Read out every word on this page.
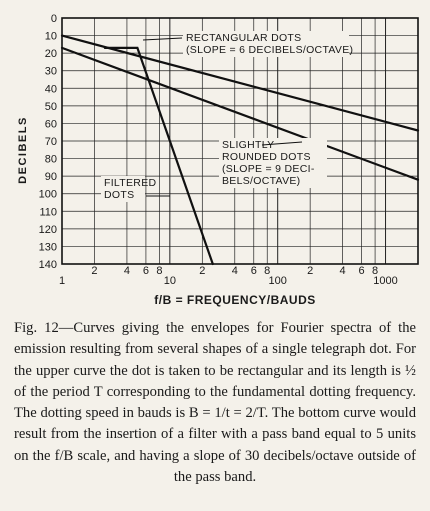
RECTANGULAR DOTS
(SLOPE = 6 DECIBELS/OCTAVE)
SLIGHTLY
ROUNDED DOTS
(SLOPE = 9 DECI-
BELS/OCTAVE)
FILTERED
DOTS
0
10
20
30
40
50
60
70
80
90
100
110
120
130
140
1
2 4 6 8
10
2 4 6 8
100
2 4 6 8
1000
DECIBELS
f/B = FREQUENCY/BAUDS

Fig. 12—Curves giving the envelopes for Fourier spectra of the emission resulting from several shapes of a single telegraph dot. For the upper curve the dot is taken to be rectangular and its length is ½ of the period T corresponding to the fundamental dotting frequency. The dotting speed in bauds is B = 1/t = 2/T. The bottom curve would result from the insertion of a filter with a pass band equal to 5 units on the f/B scale, and having a slope of 30 decibels/octave outside of the pass band.
